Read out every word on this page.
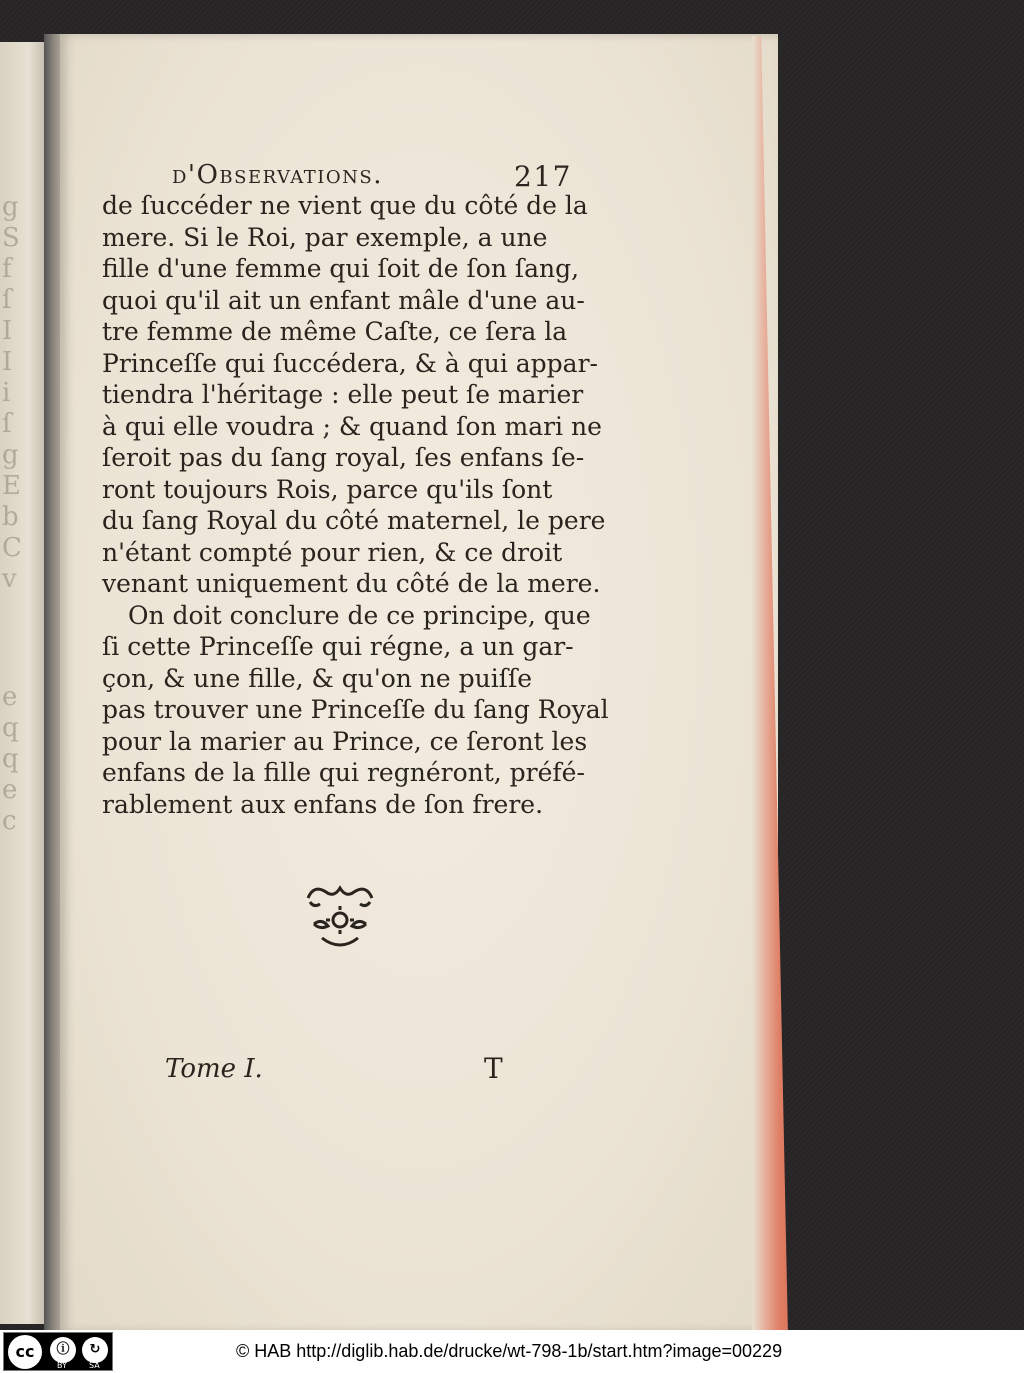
g
S
f
ſ
I
I
i
ſ
g
E
b
C
v
e
q
q
e
c
d'Observations.	217
de ſuccéder ne vient que du côté de la
mere. Si le Roi, par exemple, a une
fille d'une femme qui ſoit de ſon ſang,
quoi qu'il ait un enfant mâle d'une au-
tre femme de même Caſte, ce ſera la
Princeſſe qui ſuccédera, & à qui appar-
tiendra l'héritage : elle peut ſe marier
à qui elle voudra ; & quand ſon mari ne
ſeroit pas du ſang royal, ſes enfans ſe-
ront toujours Rois, parce qu'ils ſont
du ſang Royal du côté maternel, le pere
n'étant compté pour rien, & ce droit
venant uniquement du côté de la mere.
On doit conclure de ce principe, que
ſi cette Princeſſe qui régne, a un gar-
çon, & une fille, & qu'on ne puiſſe
pas trouver une Princeſſe du ſang Royal
pour la marier au Prince, ce ſeront les
enfans de la fille qui regnéront, préfé-
rablement aux enfans de ſon frere.
Tome I.	T
cc	ⓘ	↻
BY	SA
© HAB http://diglib.hab.de/drucke/wt-798-1b/start.htm?image=00229
